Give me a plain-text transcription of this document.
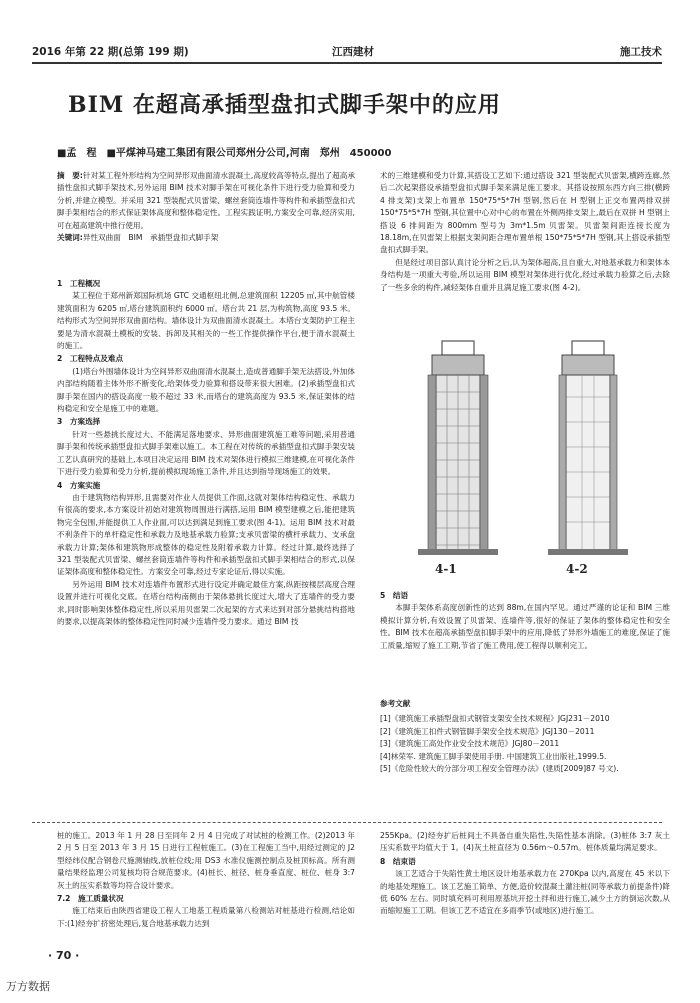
2016 年第 22 期(总第 199 期)	江西建材	施工技术
BIM 在超高承插型盘扣式脚手架中的应用
■孟　程　■平煤神马建工集团有限公司郑州分公司,河南　郑州　450000

摘　要:针对某工程外形结构为空间异形双曲面清水混凝土,高度较高等特点,提出了超高承插性盘扣式脚手架技术,另外运用 BIM 技术对脚手架在可视化条件下进行受力验算和受力分析,并建立模型。并采用 321 型装配式贝雷梁、螺丝套筒连墙件等构件和承插型盘扣式脚手架相结合的形式保证架体高度和整体稳定性。工程实践证明,方案安全可靠,经济实用,可在超高建筑中推行使用。

关键词:异性双曲面　BIM　承插型盘扣式脚手架

1　工程概况

某工程位于郑州新郑国际机场 GTC 交通枢纽北侧,总建筑面积 12205 ㎡,其中航管楼建筑面积为 6205 ㎡,塔台建筑面积约 6000 ㎡。塔台共 21 层,为构筑物,高度 93.5 米。结构形式为空间异形双曲面结构。墙体设计为双曲面清水混凝土。本塔台支架防护工程主要是为清水混凝土模板的安装、拆卸及其相关的一些工作提供操作平台,便于清水混凝土的施工。

2　工程特点及难点

(1)塔台外围墙体设计为空间异形双曲面清水混凝土,造成普通脚手架无法搭设,外加体内部结构随着主体外形不断变化,给架体受力验算和搭设带来很大困难。(2)承插型盘扣式脚手架在国内的搭设高度一般不超过 33 米,而塔台的建筑高度为 93.5 米,保证架体的结构稳定和安全是施工中的难题。

3　方案选择

针对一些悬挑长度过大、不能满足落地要求、异形曲面建筑施工难等问题,采用普通脚手架和传统承插型盘扣式脚手架难以施工。本工程在对传统的承插型盘扣式脚手架安装工艺认真研究的基础上,本项目决定运用 BIM 技术对架体进行模拟三维建模,在可视化条件下进行受力验算和受力分析,提前模拟现场施工条件,并且达到指导现场施工的效果。

4　方案实施

由于建筑物结构异形,且需要对作业人员提供工作面,这就对架体结构稳定性、承载力有很高的要求,本方案设计初始对建筑物周围进行满搭,运用 BIM 模型建模之后,能把建筑物完全包围,并能提供工人作业面,可以达到满足到施工要求(图 4-1)。运用 BIM 技术对最不利条件下的单杆稳定性和承载力及地基承载力验算;支承贝雷梁的横杆承载力、支承盘承载力计算;架体和建筑物形成整体的稳定性及附着承载力计算。经过计算,最终选择了 321 型装配式贝雷梁、螺丝套筒连墙件等构件和承插型盘扣式脚手架相结合的形式,以保证架体高度和整体稳定性。方案安全可靠,经过专家论证后,得以实施。

另外运用 BIM 技术对连墙件布置形式进行设定并确定最佳方案,纵距按楼层高度合理设置并进行可视化交底。在塔台结构南侧由于架体悬挑长度过大,增大了连墙件的受力要求,同时影响架体整体稳定性,所以采用贝雷架二次起架的方式来达到对部分悬挑结构搭地的要求,以提高架体的整体稳定性同时减少连墙件受力要求。通过 BIM 技

术的三维建模和受力计算,其搭设工艺如下:通过搭设 321 型装配式贝雷架,横跨连廊,然后二次起架搭设承插型盘扣式脚手架来满足施工要求。其搭设按照东西方向三排(横跨 4 排支架)支架上布置单 150*75*5*7H 型钢,然后在 H 型钢上正交布置两排双拼 150*75*5*7H 型钢,其位置中心对中心的布置在外侧两排支架上,最后在双拼 H 型钢上搭设 6 排间距为 800mm 型号为 3m*1.5m 贝雷架。贝雷架间距连接长度为 18.18m,在贝雷架上根据支架间距合理布置单根 150*75*5*7H 型钢,其上搭设承插型盘扣式脚手架。

但是经过项目部认真讨论分析之后,认为架体超高,且自重大,对地基承载力和架体本身结构是一项重大考验,所以运用 BIM 模型对架体进行优化,经过承载力验算之后,去除了一些多余的构件,减轻架体自重并且满足施工要求(图 4-2)。

4-1	4-2

5　结语

本脚手架体系高度创新性的达到 88m,在国内罕见。通过严谨的论证和 BIM 三维模拟计算分析,有效设置了贝雷架、连墙件等,很好的保证了架体的整体稳定性和安全性。BIM 技术在超高承插型盘扣脚手架中的应用,降低了异形外墙施工的难度,保证了施工质量,缩短了施工工期,节省了施工费用,使工程得以顺利完工。

参考文献

[1]《建筑施工承插型盘扣式钢管支架安全技术规程》JGJ231－2010

[2]《建筑施工扣件式钢管脚手架安全技术规范》JGJ130－2011

[3]《建筑施工高处作业安全技术规范》JGJ80－2011

[4]林荣军. 建筑施工脚手架使用手册. 中国建筑工业出版社,1999.5.

[5]《危险性较大的分部分项工程安全管理办法》(建质[2009]87 号文).

桩的施工。2013 年 1 月 28 日至同年 2 月 4 日完成了对试桩的检测工作。(2)2013 年 2 月 5 日至 2013 年 3 月 15 日进行工程桩施工。(3)在工程施工当中,用经过测定的 J2 型经纬仪配合钢卷尺施测轴线,放桩位线;用 DS3 水准仪施测控制点及桩顶标高。所有测量结果经监理公司复核均符合规范要求。(4)桩长、桩径、桩身垂直度、桩位、桩身 3:7 灰土的压实系数等均符合设计要求。

7.2　施工质量状况

施工结束后由陕西省建设工程人工地基工程质量第八检测站对桩基进行检测,结论如下:(1)经夯扩挤密处理后,复合地基承载力达到

255Kpa。(2)经夯扩后桩间土不具备自重失陷性,失陷性基本消除。(3)桩体 3:7 灰土压实系数平均值大于 1。(4)灰土桩直径为 0.56m～0.57m。桩体质量均满足要求。

8　结束语

该工艺适合于失陷性黄土地区设计地基承载力在 270Kpa 以内,高度在 45 米以下的地基处理施工。该工艺施工简单、方便,造价较混凝土灌注桩(同等承载力前提条件)降低 60% 左右。同时填充料可利用原基坑开挖土拌和进行施工,减少土方的倒运次数,从而缩短施工工期。但该工艺不适宜在多雨季节(或地区)进行施工。

· 70 ·
万方数据
